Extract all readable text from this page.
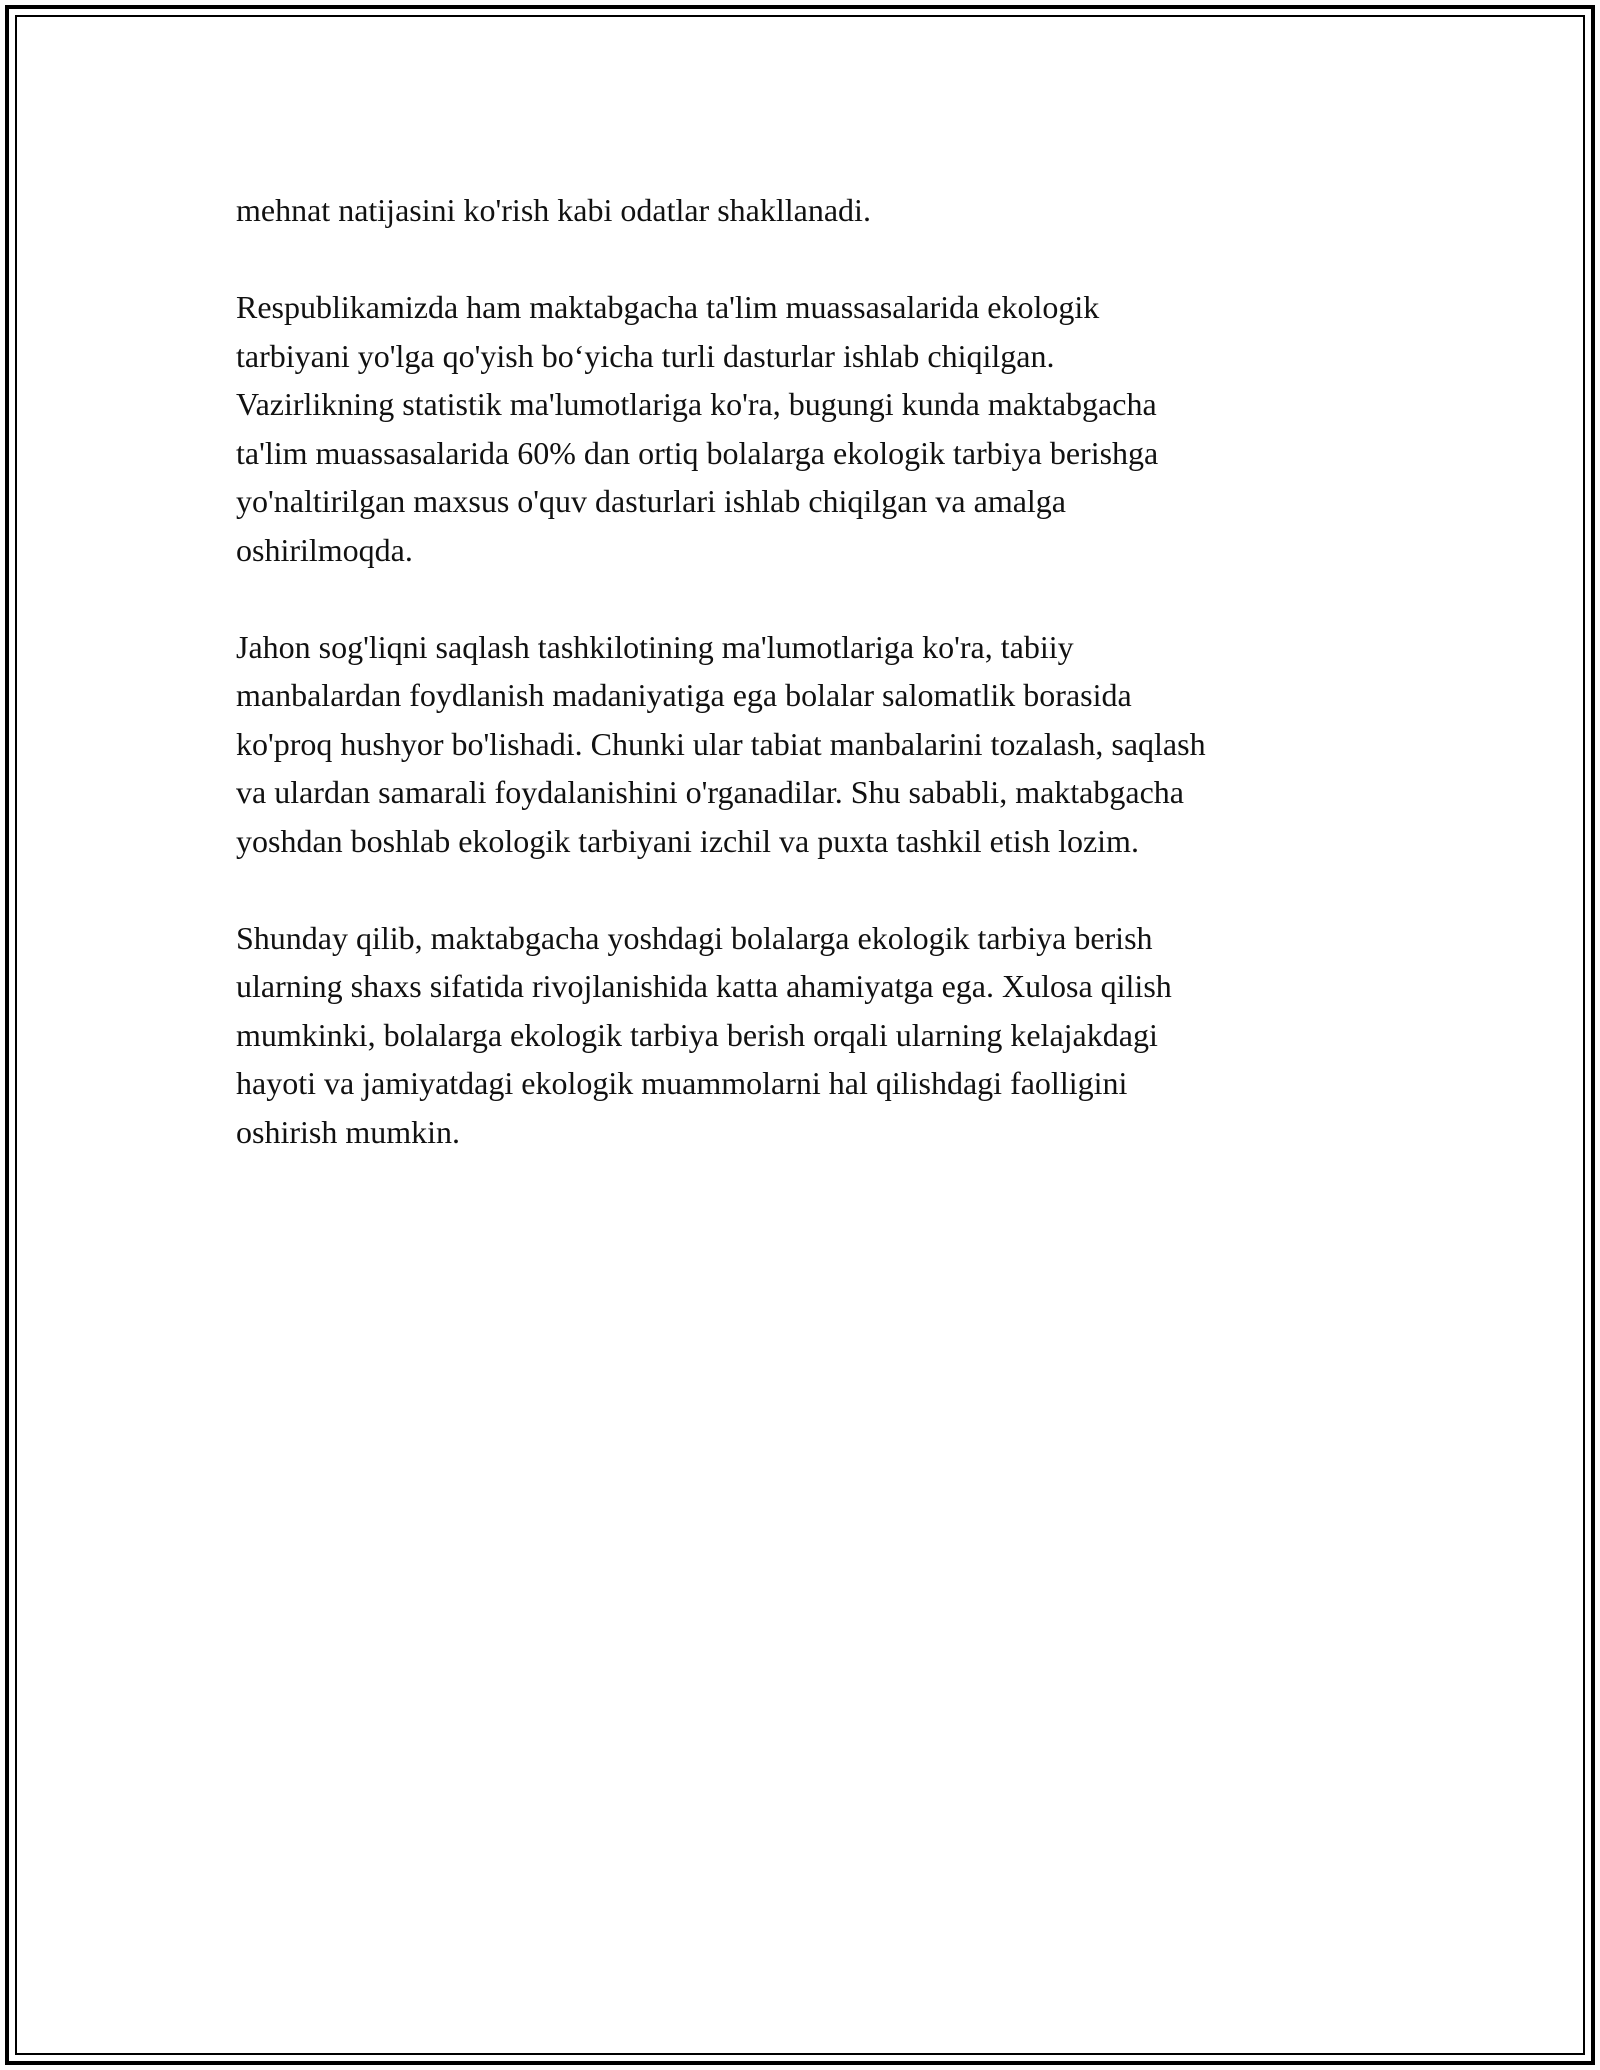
mehnat natijasini ko'rish kabi odatlar shakllanadi.

Respublikamizda ham maktabgacha ta'lim muassasalarida ekologik
tarbiyani yo'lga qo'yish bo‘yicha turli dasturlar ishlab chiqilgan.
Vazirlikning statistik ma'lumotlariga ko'ra, bugungi kunda maktabgacha
ta'lim muassasalarida 60% dan ortiq bolalarga ekologik tarbiya berishga
yo'naltirilgan maxsus o'quv dasturlari ishlab chiqilgan va amalga
oshirilmoqda.

Jahon sog'liqni saqlash tashkilotining ma'lumotlariga ko'ra, tabiiy
manbalardan foydlanish madaniyatiga ega bolalar salomatlik borasida
ko'proq hushyor bo'lishadi. Chunki ular tabiat manbalarini tozalash, saqlash
va ulardan samarali foydalanishini o'rganadilar. Shu sababli, maktabgacha
yoshdan boshlab ekologik tarbiyani izchil va puxta tashkil etish lozim.

Shunday qilib, maktabgacha yoshdagi bolalarga ekologik tarbiya berish
ularning shaxs sifatida rivojlanishida katta ahamiyatga ega. Xulosa qilish
mumkinki, bolalarga ekologik tarbiya berish orqali ularning kelajakdagi
hayoti va jamiyatdagi ekologik muammolarni hal qilishdagi faolligini
oshirish mumkin.
